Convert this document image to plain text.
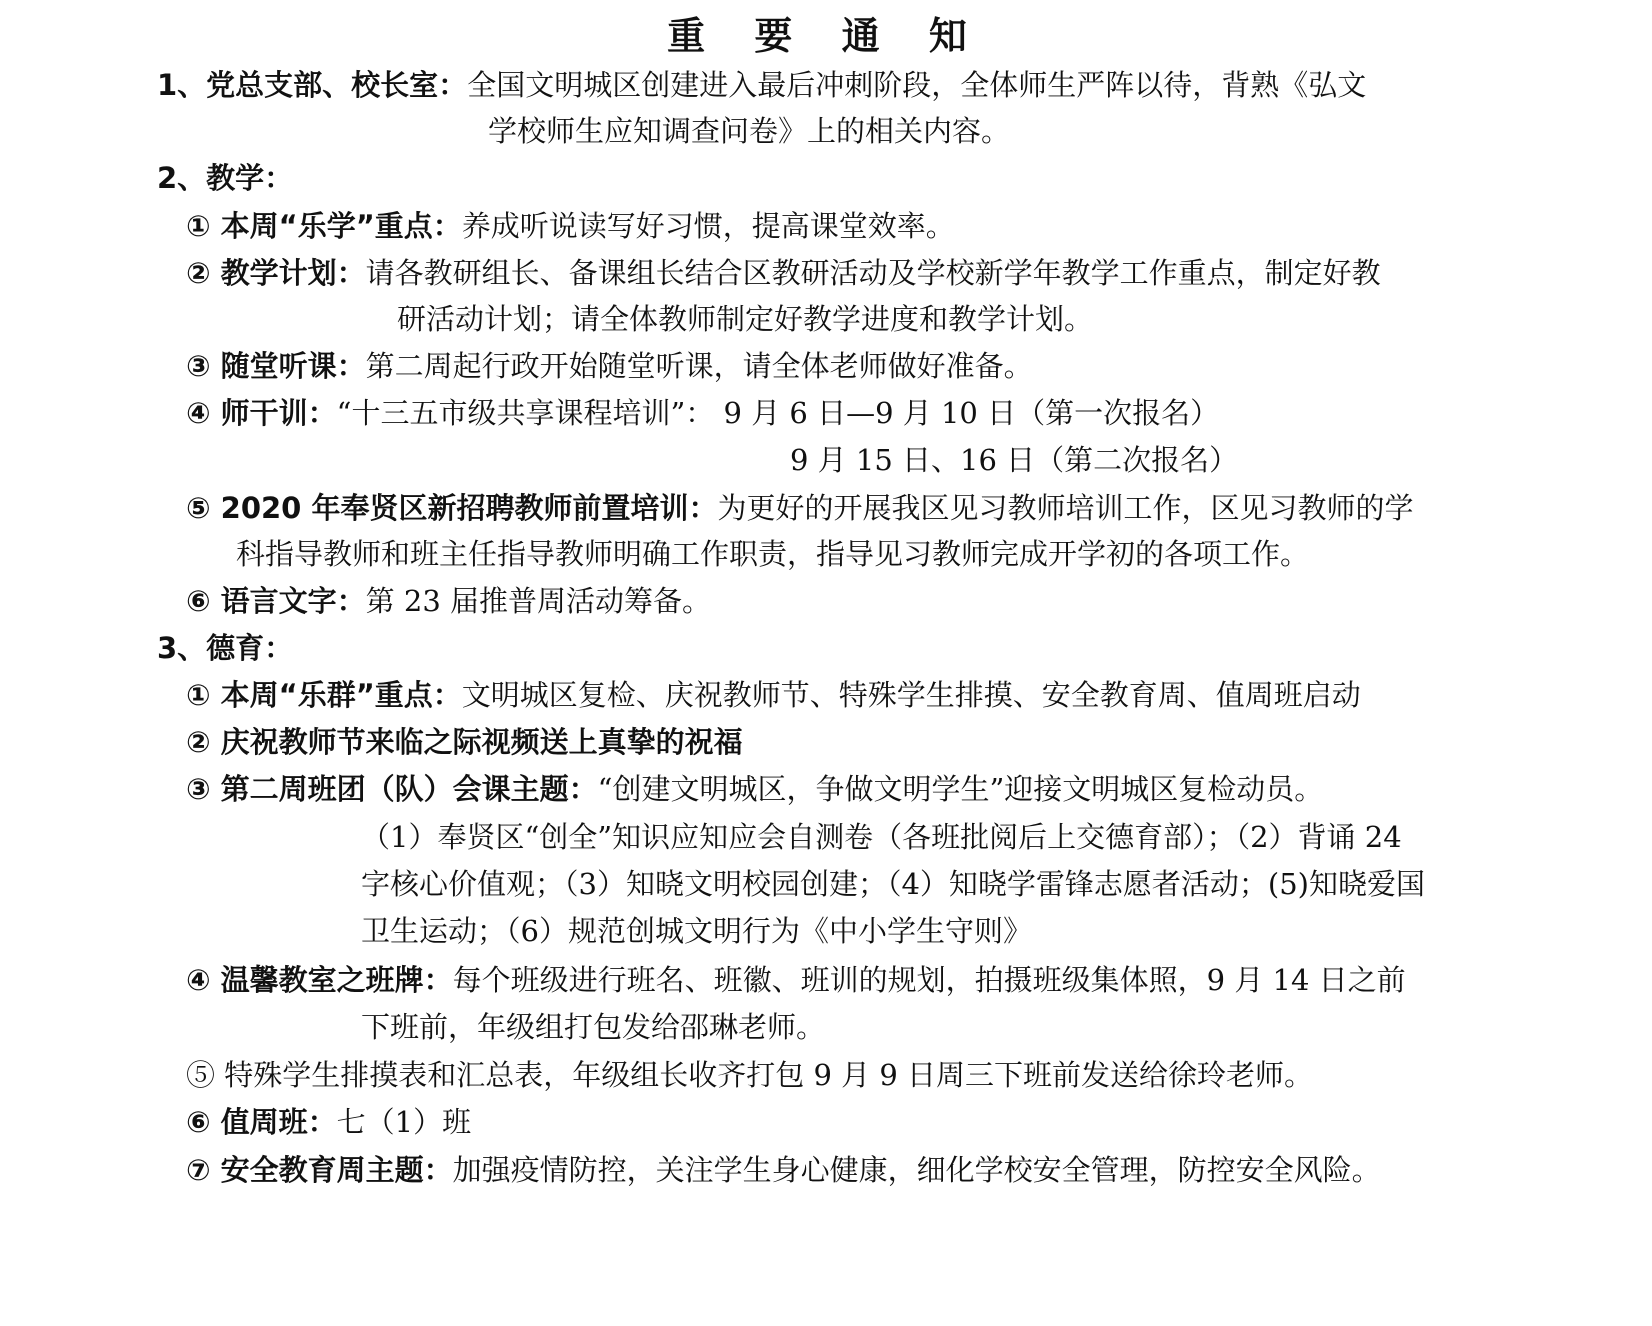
重 要 通 知
1、党总支部、校长室： 全国文明城区创建进入最后冲刺阶段，全体师生严阵以待，背熟《弘文
学校师生应知调查问卷》上的相关内容。
2、教学：
① 本周“乐学”重点： 养成听说读写好习惯，提高课堂效率。
② 教学计划： 请各教研组长、备课组长结合区教研活动及学校新学年教学工作重点，制定好教
研活动计划；请全体教师制定好教学进度和教学计划。
③ 随堂听课： 第二周起行政开始随堂听课，请全体老师做好准备。
④ 师干训： “十三五市级共享课程培训”： 9 月 6 日—9 月 10 日（第一次报名）
9 月 15 日、16 日（第二次报名）
⑤ 2020 年奉贤区新招聘教师前置培训： 为更好的开展我区见习教师培训工作，区见习教师的学
科指导教师和班主任指导教师明确工作职责，指导见习教师完成开学初的各项工作。
⑥ 语言文字： 第 23 届推普周活动筹备。
3、德育：
① 本周“乐群”重点： 文明城区复检、庆祝教师节、特殊学生排摸、安全教育周、值周班启动
② 庆祝教师节来临之际视频送上真挚的祝福
③ 第二周班团（队）会课主题： “创建文明城区，争做文明学生”迎接文明城区复检动员。
（1）奉贤区“创全”知识应知应会自测卷（各班批阅后上交德育部）；（2）背诵 24
字核心价值观；（3）知晓文明校园创建；（4）知晓学雷锋志愿者活动；(5)知晓爱国
卫生运动；（6）规范创城文明行为《中小学生守则》
④ 温馨教室之班牌： 每个班级进行班名、班徽、班训的规划，拍摄班级集体照，9 月 14 日之前
下班前，年级组打包发给邵琳老师。
⑤ 特殊学生排摸表和汇总表，年级组长收齐打包 9 月 9 日周三下班前发送给徐玲老师。
⑥ 值周班： 七（1）班
⑦ 安全教育周主题： 加强疫情防控，关注学生身心健康，细化学校安全管理，防控安全风险。
